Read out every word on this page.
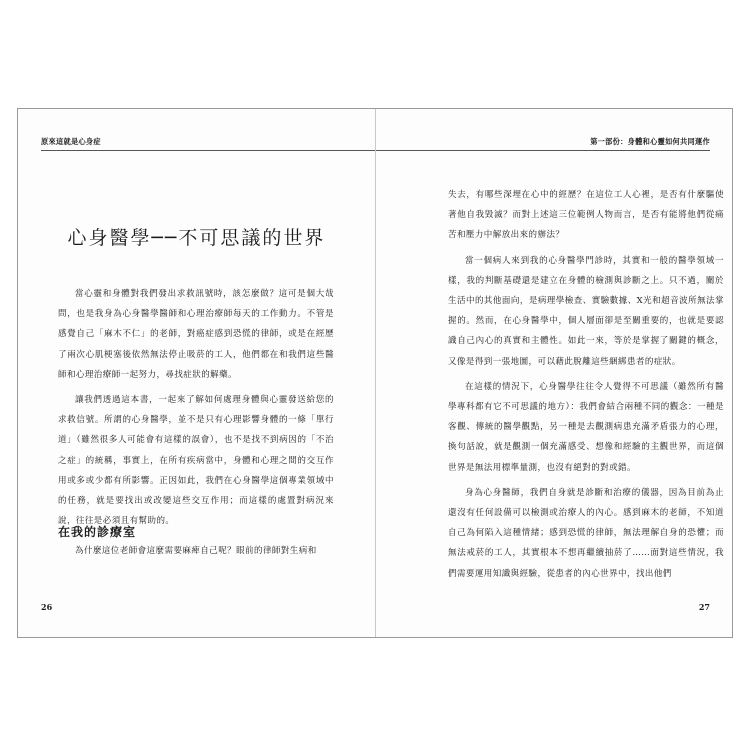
原來這就是心身症
心身醫學──不可思議的世界

當心靈和身體對我們發出求救訊號時，該怎麼做？這可是個大哉問，也是我身為心身醫學醫師和心理治療師每天的工作動力。不管是感覺自己「麻木不仁」的老師，對癌症感到恐慌的律師，或是在經歷了兩次心肌梗塞後依然無法停止吸菸的工人，他們都在和我們這些醫師和心理治療師一起努力，尋找症狀的解藥。

讓我們透過這本書，一起來了解如何處理身體與心靈發送給您的求救信號。所謂的心身醫學，並不是只有心理影響身體的一條「單行道」（雖然很多人可能會有這樣的誤會），也不是找不到病因的「不治之症」的統稱，事實上，在所有疾病當中，身體和心理之間的交互作用或多或少都有所影響。正因如此，我們在心身醫學這個專業領域中的任務，就是要找出或改變這些交互作用；而這樣的處置對病況來說，往往是必須且有幫助的。

在我的診療室

為什麼這位老師會這麼需要麻痺自己呢？眼前的律師對生病和

26
第一部份：身體和心靈如何共同運作

失去，有哪些深埋在心中的經歷？在這位工人心裡，是否有什麼驅使著他自我毀滅？而對上述這三位範例人物而言，是否有能將他們從痛苦和壓力中解放出來的辦法？

當一個病人來到我的心身醫學門診時，其實和一般的醫學領域一樣，我的判斷基礎還是建立在身體的檢測與診斷之上。只不過，關於生活中的其他面向，是病理學檢查、實驗數據、X光和超音波所無法掌握的。然而，在心身醫學中，個人層面卻是至關重要的，也就是要認識自己內心的真實和主體性。如此一來，等於是掌握了關鍵的概念，又像是得到一張地圖，可以藉此脫離這些綑綁患者的症狀。

在這樣的情況下，心身醫學往往令人覺得不可思議（雖然所有醫學專科都有它不可思議的地方）：我們會結合兩種不同的觀念：一種是客觀、傳統的醫學觀點，另一種是去觀測病患充滿矛盾張力的心理，換句話說，就是觀測一個充滿感受、想像和經驗的主觀世界，而這個世界是無法用標準量測，也沒有絕對的對或錯。

身為心身醫師，我們自身就是診斷和治療的儀器，因為目前為止還沒有任何設備可以檢測或治療人的內心。感到麻木的老師，不知道自己為何陷入這種情緒；感到恐慌的律師，無法理解自身的恐懼；而無法戒菸的工人，其實根本不想再繼續抽菸了……面對這些情況，我們需要運用知識與經驗，從患者的內心世界中，找出他們

27
